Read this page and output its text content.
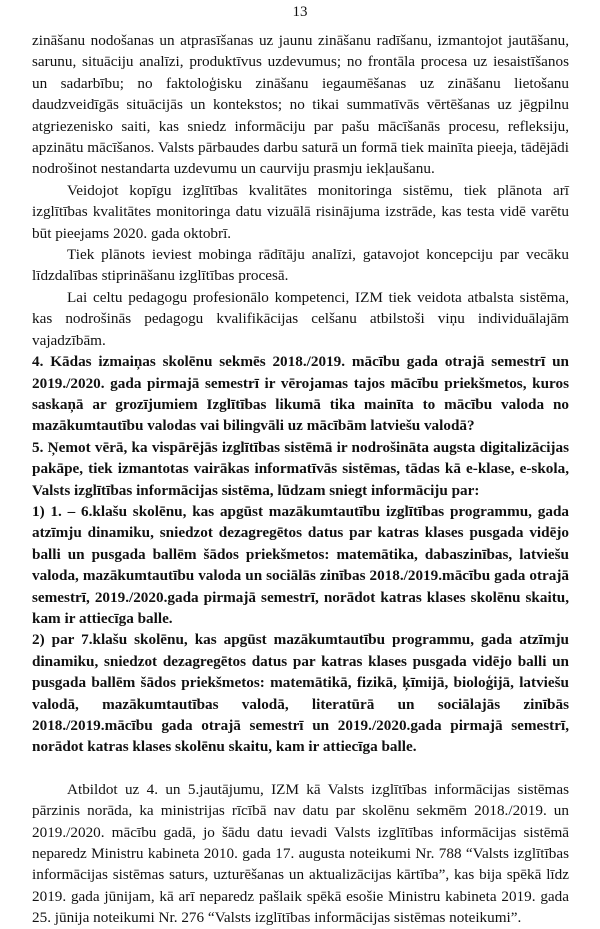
13

zināšanu nodošanas un atprasīšanas uz jaunu zināšanu radīšanu, izmantojot jautāšanu, sarunu, situāciju analīzi, produktīvus uzdevumus; no frontāla procesa uz iesaistīšanos un sadarbību; no faktoloģisku zināšanu iegaumēšanas uz zināšanu lietošanu daudzveidīgās situācijās un kontekstos; no tikai summatīvās vērtēšanas uz jēgpilnu atgriezenisko saiti, kas sniedz informāciju par pašu mācīšanās procesu, refleksiju, apzinātu mācīšanos. Valsts pārbaudes darbu saturā un formā tiek mainīta pieeja, tādējādi nodrošinot nestandarta uzdevumu un caurviju prasmju iekļaušanu.

Veidojot kopīgu izglītības kvalitātes monitoringa sistēmu, tiek plānota arī izglītības kvalitātes monitoringa datu vizuālā risinājuma izstrāde, kas testa vidē varētu būt pieejams 2020. gada oktobrī.

Tiek plānots ieviest mobinga rādītāju analīzi, gatavojot koncepciju par vecāku līdzdalības stiprināšanu izglītības procesā.

Lai celtu pedagogu profesionālo kompetenci, IZM tiek veidota atbalsta sistēma, kas nodrošinās pedagogu kvalifikācijas celšanu atbilstoši viņu individuālajām vajadzībām.

4. Kādas izmaiņas skolēnu sekmēs 2018./2019. mācību gada otrajā semestrī un 2019./2020. gada pirmajā semestrī ir vērojamas tajos mācību priekšmetos, kuros saskaņā ar grozījumiem Izglītības likumā tika mainīta to mācību valoda no mazākumtautību valodas vai bilingvāli uz mācībām latviešu valodā?

5. Ņemot vērā, ka vispārējās izglītības sistēmā ir nodrošināta augsta digitalizācijas pakāpe, tiek izmantotas vairākas informatīvās sistēmas, tādas kā e-klase, e-skola, Valsts izglītības informācijas sistēma, lūdzam sniegt informāciju par:

1) 1. – 6.klašu skolēnu, kas apgūst mazākumtautību izglītības programmu, gada atzīmju dinamiku, sniedzot dezagregētos datus par katras klases pusgada vidējo balli un pusgada ballēm šādos priekšmetos: matemātika, dabaszinības, latviešu valoda, mazākumtautību valoda un sociālās zinības 2018./2019.mācību gada otrajā semestrī, 2019./2020.gada pirmajā semestrī, norādot katras klases skolēnu skaitu, kam ir attiecīga balle.

2) par 7.klašu skolēnu, kas apgūst mazākumtautību programmu, gada atzīmju dinamiku, sniedzot dezagregētos datus par katras klases pusgada vidējo balli un pusgada ballēm šādos priekšmetos: matemātikā, fizikā, ķīmijā, bioloģijā, latviešu valodā, mazākumtautības valodā, literatūrā un sociālajās zinībās 2018./2019.mācību gada otrajā semestrī un 2019./2020.gada pirmajā semestrī, norādot katras klases skolēnu skaitu, kam ir attiecīga balle.

Atbildot uz 4. un 5.jautājumu, IZM kā Valsts izglītības informācijas sistēmas pārzinis norāda, ka ministrijas rīcībā nav datu par skolēnu sekmēm 2018./2019. un 2019./2020. mācību gadā, jo šādu datu ievadi Valsts izglītības informācijas sistēmā neparedz Ministru kabineta 2010. gada 17. augusta noteikumi Nr. 788 “Valsts izglītības informācijas sistēmas saturs, uzturēšanas un aktualizācijas kārtība”, kas bija spēkā līdz 2019. gada jūnijam, kā arī neparedz pašlaik spēkā esošie Ministru kabineta 2019. gada 25. jūnija noteikumi Nr. 276 “Valsts izglītības informācijas sistēmas noteikumi”.
